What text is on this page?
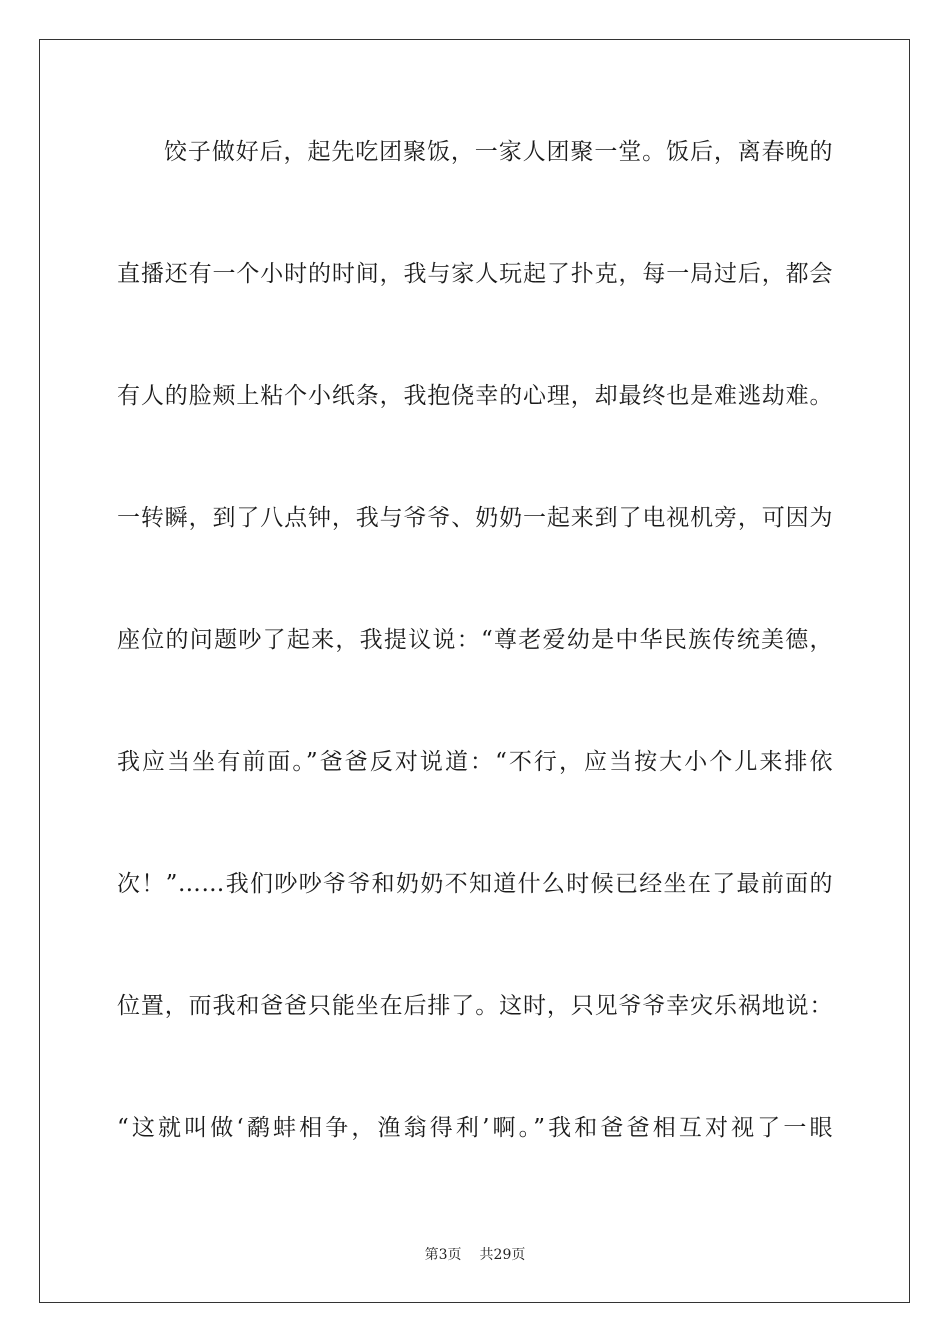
饺子做好后，起先吃团聚饭，一家人团聚一堂。饭后，离春晚的
直播还有一个小时的时间，我与家人玩起了扑克，每一局过后，都会
有人的脸颊上粘个小纸条，我抱侥幸的心理，却最终也是难逃劫难。
一转瞬，到了八点钟，我与爷爷、奶奶一起来到了电视机旁，可因为
座位的问题吵了起来，我提议说：“尊老爱幼是中华民族传统美德，
我应当坐有前面。”爸爸反对说道：“不行，应当按大小个儿来排依
次！”……我们吵吵爷爷和奶奶不知道什么时候已经坐在了最前面的
位置，而我和爸爸只能坐在后排了。这时，只见爷爷幸灾乐祸地说：
“这就叫做‘鹬蚌相争，渔翁得利’啊。”我和爸爸相互对视了一眼
第3页 共29页
